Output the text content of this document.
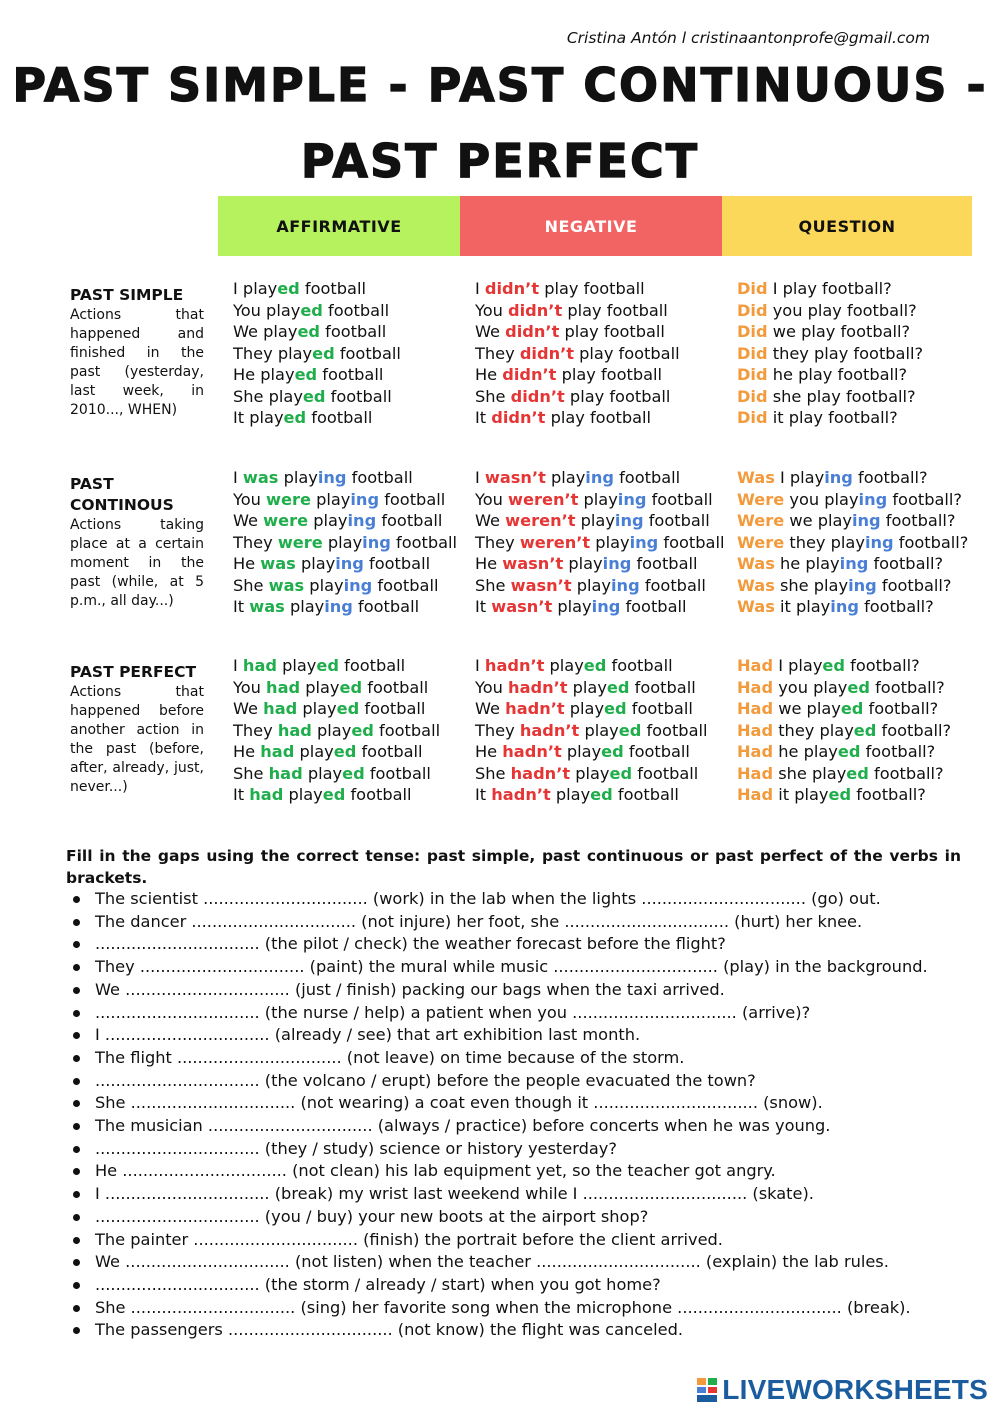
Cristina Antón l cristinaantonprofe@gmail.com
PAST SIMPLE - PAST CONTINUOUS -
PAST PERFECT
AFFIRMATIVE	NEGATIVE	QUESTION
PAST SIMPLE
Actions that happened and finished in the past (yesterday, last week, in 2010..., WHEN)
I played football
You played football
We played football
They played football
He played football
She played football
It played football
I didn’t play football
You didn’t play football
We didn’t play football
They didn’t play football
He didn’t play football
She didn’t play football
It didn’t play football
Did I play football?
Did you play football?
Did we play football?
Did they play football?
Did he play football?
Did she play football?
Did it play football?
PAST CONTINOUS
Actions taking place at a certain moment in the past (while, at 5 p.m., all day...)
I was playing football
You were playing football
We were playing football
They were playing football
He was playing football
She was playing football
It was playing football
I wasn’t playing football
You weren’t playing football
We weren’t playing football
They weren’t playing football
He wasn’t playing football
She wasn’t playing football
It wasn’t playing football
Was I playing football?
Were you playing football?
Were we playing football?
Were they playing football?
Was he playing football?
Was she playing football?
Was it playing football?
PAST PERFECT
Actions that happened before another action in the past (before, after, already, just, never...)
I had played football
You had played football
We had played football
They had played football
He had played football
She had played football
It had played football
I hadn’t played football
You hadn’t played football
We hadn’t played football
They hadn’t played football
He hadn’t played football
She hadn’t played football
It hadn’t played football
Had I played football?
Had you played football?
Had we played football?
Had they played football?
Had he played football?
Had she played football?
Had it played football?
Fill in the gaps using the correct tense: past simple, past continuous or past perfect of the verbs in brackets.
The scientist ................................ (work) in the lab when the lights ................................ (go) out.
The dancer ................................ (not injure) her foot, she ................................ (hurt) her knee.
................................ (the pilot / check) the weather forecast before the flight?
They ................................ (paint) the mural while music ................................ (play) in the background.
We ................................ (just / finish) packing our bags when the taxi arrived.
................................ (the nurse / help) a patient when you ................................ (arrive)?
I ................................ (already / see) that art exhibition last month.
The flight ................................ (not leave) on time because of the storm.
................................ (the volcano / erupt) before the people evacuated the town?
She ................................ (not wearing) a coat even though it ................................ (snow).
The musician ................................ (always / practice) before concerts when he was young.
................................ (they / study) science or history yesterday?
He ................................ (not clean) his lab equipment yet, so the teacher got angry.
I ................................ (break) my wrist last weekend while I ................................ (skate).
................................ (you / buy) your new boots at the airport shop?
The painter ................................ (finish) the portrait before the client arrived.
We ................................ (not listen) when the teacher ................................ (explain) the lab rules.
................................ (the storm / already / start) when you got home?
She ................................ (sing) her favorite song when the microphone ................................ (break).
The passengers ................................ (not know) the flight was canceled.
LIVEWORKSHEETS
